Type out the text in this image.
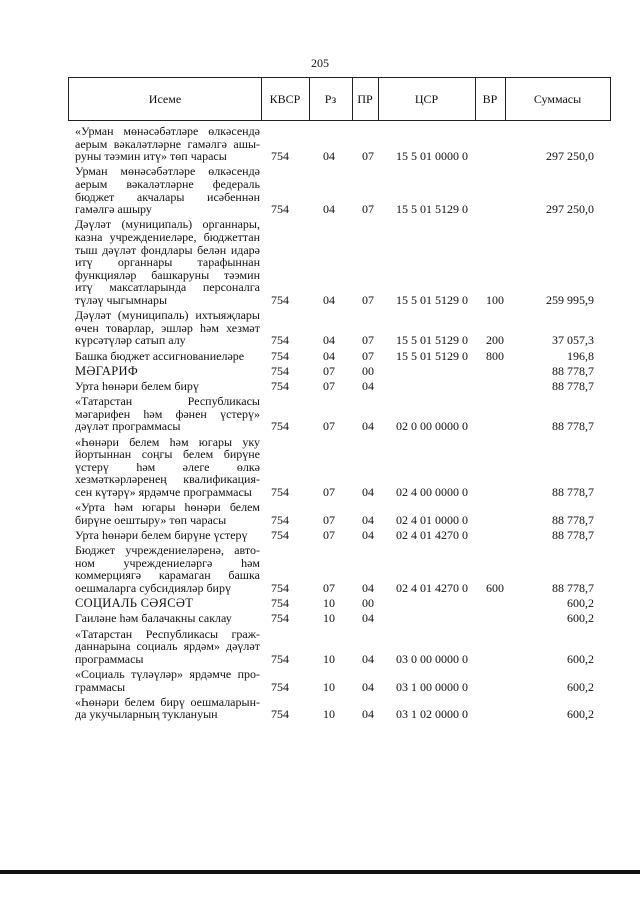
205
Исеме	КВСР	Рз	ПР	ЦСР	ВР	Суммасы
«Урман мөнәсәбәтләре өлкәсендә
аерым вәкаләтләрне гамәлгә ашы-
руны тәэмин итү» төп чарасы	754	04	07	15 5 01 0000 0	297 250,0
Урман мөнәсәбәтләре өлкәсендә
аерым вәкаләтләрне федераль
бюджет акчалары исәбеннән
гамәлгә ашыру	754	04	07	15 5 01 5129 0	297 250,0
Дәүләт (муниципаль) органнары,
казна учреждениеләре, бюджеттан
тыш дәүләт фондлары белән идарә
итү органнары тарафыннан
функцияләр башкаруны тәэмин
итү максатларында персоналга
түләү чыгымнары	754	04	07	15 5 01 5129 0	100	259 995,9
Дәүләт (муниципаль) ихтыяҗлары
өчен товарлар, эшләр һәм хезмәт
күрсәтүләр сатып алу	754	04	07	15 5 01 5129 0	200	37 057,3
Башка бюджет ассигнованиеләре	754	04	07	15 5 01 5129 0	800	196,8
МӘГАРИФ	754	07	00	88 778,7
Урта һөнәри белем бирү	754	07	04	88 778,7
«Татарстан Республикасы
мәгарифен һәм фәнен үстерү»
дәүләт программасы	754	07	04	02 0 00 0000 0	88 778,7
«Һөнәри белем һәм югары уку
йортыннан соңгы белем бирүне
үстерү һәм әлеге өлкә
хезмәткәрләренең квалификация-
сен күтәрү» ярдәмче программасы	754	07	04	02 4 00 0000 0	88 778,7
«Урта һәм югары һөнәри белем
бирүне оештыру» төп чарасы	754	07	04	02 4 01 0000 0	88 778,7
Урта һөнәри белем бирүне үстерү	754	07	04	02 4 01 4270 0	88 778,7
Бюджет учреждениеләренә, авто-
ном учреждениеләргә һәм
коммерциягә карамаган башка
оешмаларга субсидияләр бирү	754	07	04	02 4 01 4270 0	600	88 778,7
СОЦИАЛЬ СӘЯСӘТ	754	10	00	600,2
Гаиләне һәм балачакны саклау	754	10	04	600,2
«Татарстан Республикасы граж-
даннарына социаль ярдәм» дәүләт
программасы	754	10	04	03 0 00 0000 0	600,2
«Социаль түләүләр» ярдәмче про-
граммасы	754	10	04	03 1 00 0000 0	600,2
«Һөнәри белем бирү оешмаларын-
да укучыларның туклануын	754	10	04	03 1 02 0000 0	600,2
